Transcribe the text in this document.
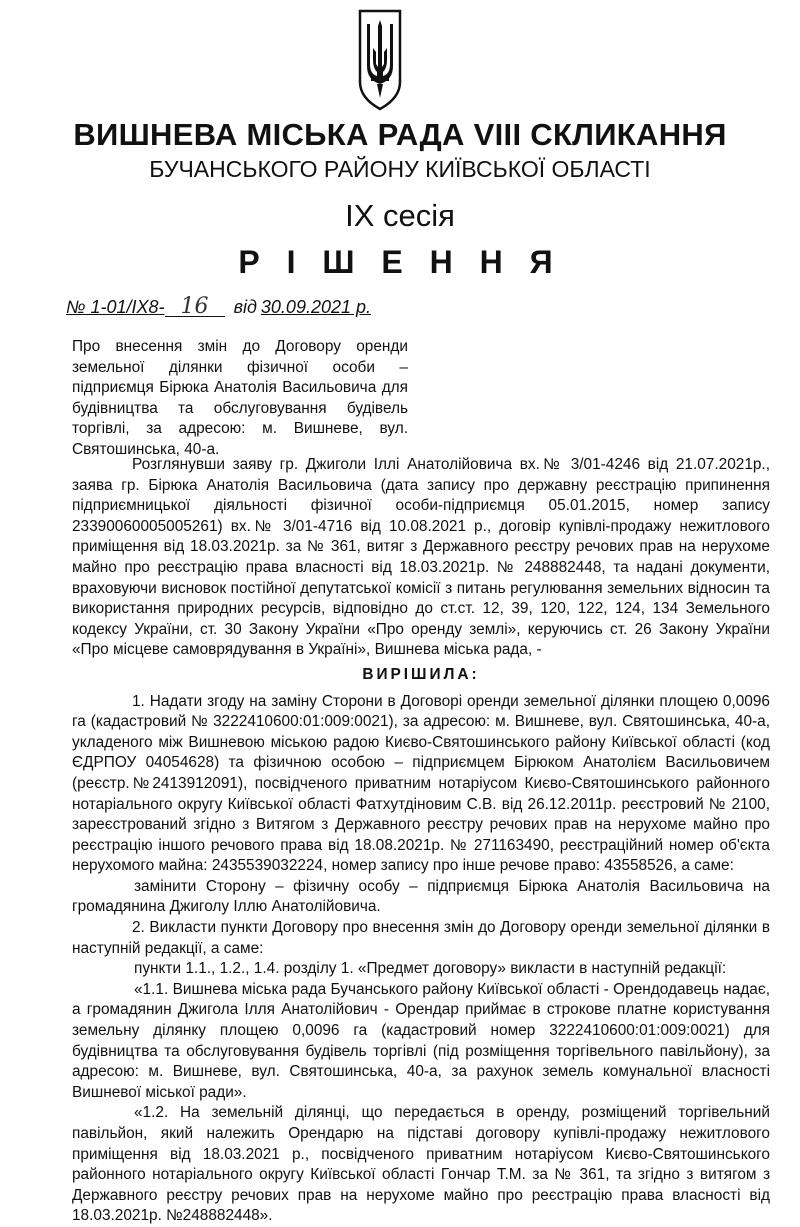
ВИШНЕВА МІСЬКА РАДА VIII СКЛИКАННЯ
БУЧАНСЬКОГО РАЙОНУ КИЇВСЬКОЇ ОБЛАСТІ
ІХ сесія
Р І Ш Е Н Н Я
№ 1-01/IX8- 16 від 30.09.2021 р.
Про внесення змін до Договору оренди земельної ділянки фізичної особи – підприємця Бірюка Анатолія Васильовича для будівництва та обслуговування будівель торгівлі, за адресою: м. Вишневе, вул. Святошинська, 40-а.

Розглянувши заяву гр. Джиголи Іллі Анатолійовича вх.№ 3/01-4246 від 21.07.2021р., заява гр. Бірюка Анатолія Васильовича (дата запису про державну реєстрацію припинення підприємницької діяльності фізичної особи-підприємця 05.01.2015, номер запису 23390060005005261) вх.№ 3/01-4716 від 10.08.2021 р., договір купівлі-продажу нежитлового приміщення від 18.03.2021р. за № 361, витяг з Державного реєстру речових прав на нерухоме майно про реєстрацію права власності від 18.03.2021р. № 248882448, та надані документи, враховуючи висновок постійної депутатської комісії з питань регулювання земельних відносин та використання природних ресурсів, відповідно до ст.ст. 12, 39, 120, 122, 124, 134 Земельного кодексу України, ст. 30 Закону України «Про оренду землі», керуючись ст. 26 Закону України «Про місцеве самоврядування в Україні», Вишнева міська рада, -

ВИРІШИЛА:

1. Надати згоду на заміну Сторони в Договорі оренди земельної ділянки площею 0,0096 га (кадастровий № 3222410600:01:009:0021), за адресою: м. Вишневе, вул. Святошинська, 40-а, укладеного між Вишневою міською радою Києво-Святошинського району Київської області (код ЄДРПОУ 04054628) та фізичною особою – підприємцем Бірюком Анатолієм Васильовичем (реєстр.№2413912091), посвідченого приватним нотаріусом Києво-Святошинського районного нотаріального округу Київської області Фатхутдіновим С.В. від 26.12.2011р. реєстровий № 2100, зареєстрований згідно з Витягом з Державного реєстру речових прав на нерухоме майно про реєстрацію іншого речового права від 18.08.2021р. № 271163490, реєстраційний номер об'єкта нерухомого майна: 2435539032224, номер запису про інше речове право: 43558526, а саме:

замінити Сторону – фізичну особу – підприємця Бірюка Анатолія Васильовича на громадянина Джиголу Іллю Анатолійовича.

2. Викласти пункти Договору про внесення змін до Договору оренди земельної ділянки в наступній редакції, а саме:

пункти 1.1., 1.2., 1.4. розділу 1. «Предмет договору» викласти в наступній редакції:

«1.1. Вишнева міська рада Бучанського району Київської області - Орендодавець надає, а громадянин Джигола Ілля Анатолійович - Орендар приймає в строкове платне користування земельну ділянку площею 0,0096 га (кадастровий номер 3222410600:01:009:0021) для будівництва та обслуговування будівель торгівлі (під розміщення торгівельного павільйону), за адресою: м. Вишневе, вул. Святошинська, 40-а, за рахунок земель комунальної власності Вишневої міської ради».

«1.2. На земельній ділянці, що передається в оренду, розміщений торгівельний павільйон, який належить Орендарю на підставі договору купівлі-продажу нежитлового приміщення від 18.03.2021 р., посвідченого приватним нотаріусом Києво-Святошинського районного нотаріального округу Київської області Гончар Т.М. за № 361, та згідно з витягом з Державного реєстру речових прав на нерухоме майно про реєстрацію права власності від 18.03.2021р. №248882448».
